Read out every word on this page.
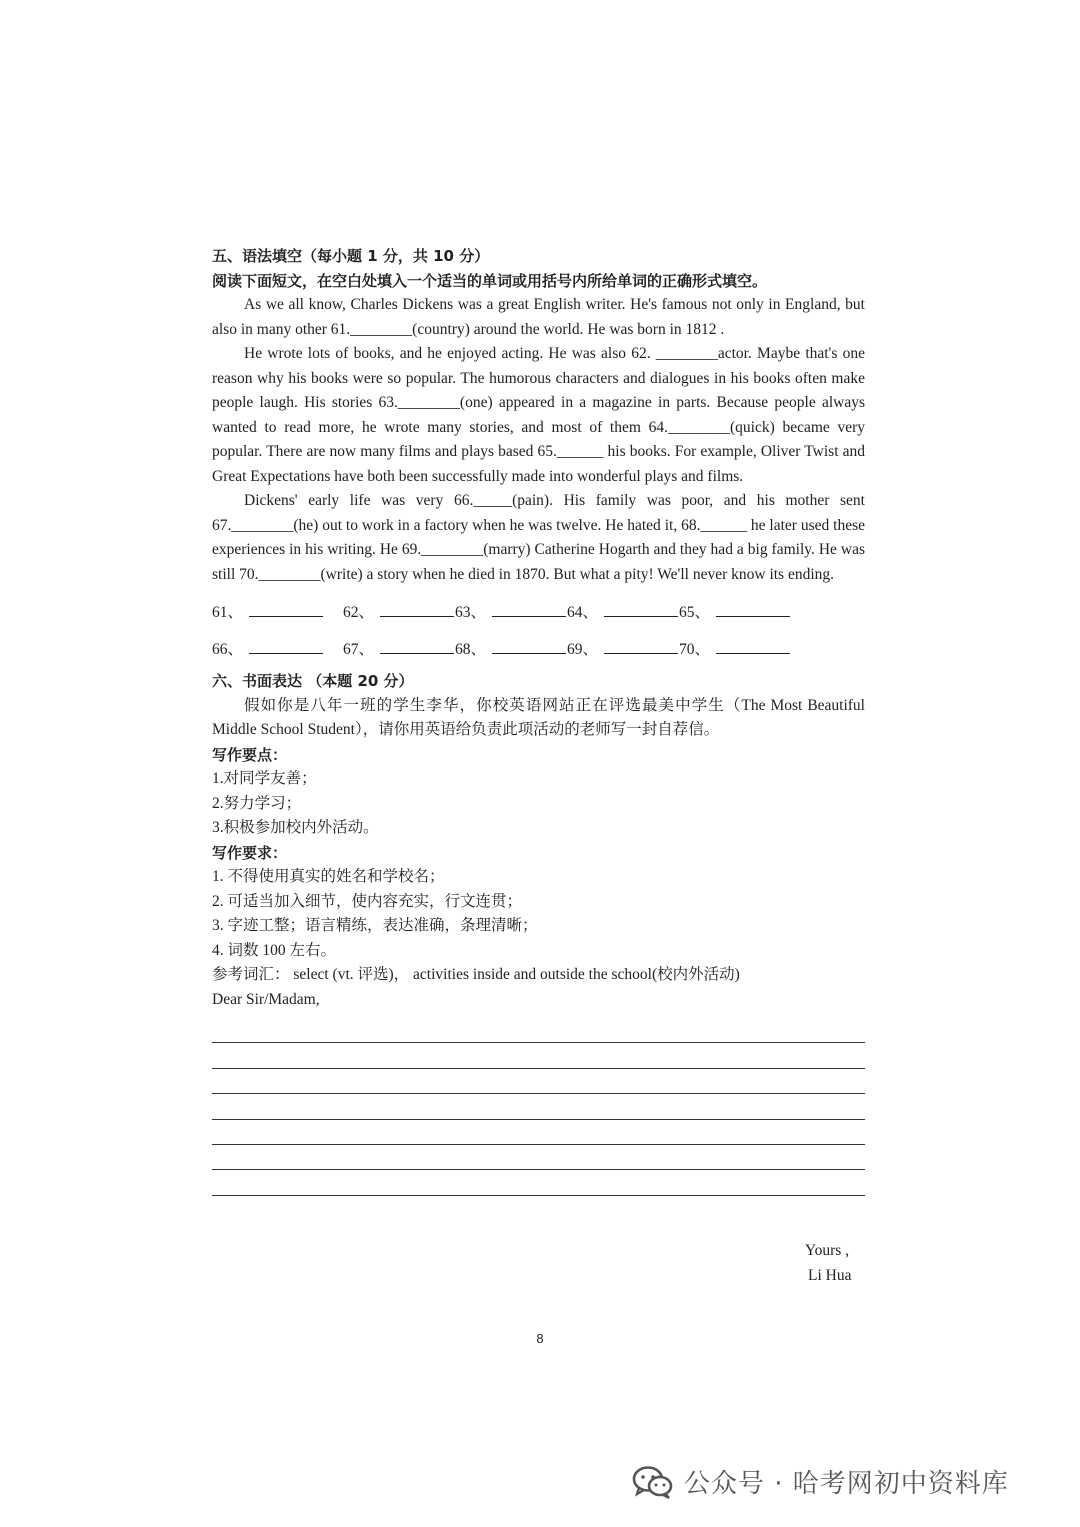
五、语法填空（每小题 1 分，共 10 分）
阅读下面短文，在空白处填入一个适当的单词或用括号内所给单词的正确形式填空。

As we all know, Charles Dickens was a great English writer. He's famous not only in England, but also in many other 61.________(country) around the world. He was born in 1812 .

He wrote lots of books, and he enjoyed acting. He was also 62. ________actor. Maybe that's one reason why his books were so popular. The humorous characters and dialogues in his books often make people laugh. His stories 63.________(one) appeared in a magazine in parts. Because people always wanted to read more, he wrote many stories, and most of them 64.________(quick) became very popular. There are now many films and plays based 65.______ his books. For example, Oliver Twist and Great Expectations have both been successfully made into wonderful plays and films.

Dickens' early life was very 66._____(pain). His family was poor, and his mother sent 67.________(he) out to work in a factory when he was twelve. He hated it, 68.______ he later used these experiences in his writing. He 69.________(marry) Catherine Hogarth and they had a big family. He was still 70.________(write) a story when he died in 1870. But what a pity! We'll never know its ending.

61、	62、	63、	64、	65、
66、	67、	68、	69、	70、
六、书面表达 （本题 20 分）

假如你是八年一班的学生李华，你校英语网站正在评选最美中学生（The Most Beautiful Middle School Student），请你用英语给负责此项活动的老师写一封自荐信。

写作要点：

1.对同学友善；

2.努力学习；

3.积极参加校内外活动。

写作要求：

1. 不得使用真实的姓名和学校名；

2. 可适当加入细节，使内容充实，行文连贯；

3. 字迹工整；语言精练，表达准确，条理清晰；

4. 词数 100 左右。

参考词汇： select (vt. 评选)， activities inside and outside the school(校内外活动)

Dear Sir/Madam,

Yours ,
Li Hua
8
公众号 · 哈考网初中资料库
